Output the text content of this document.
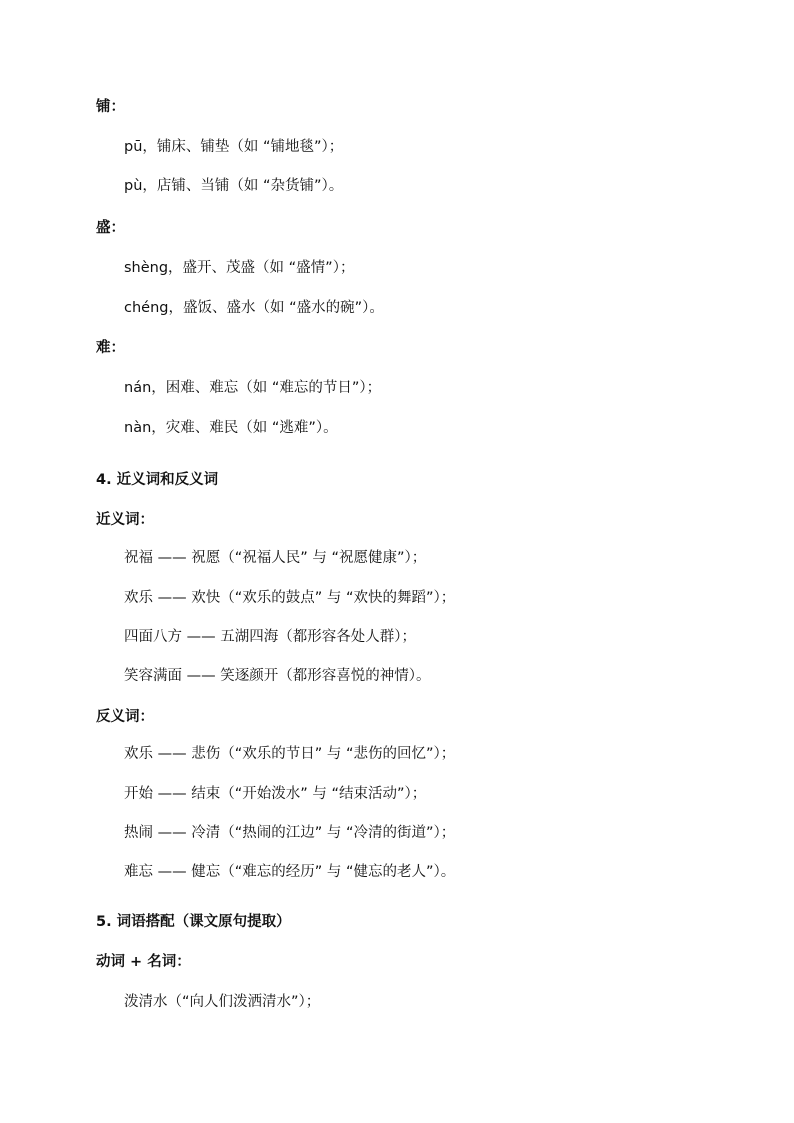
铺：
pū，铺床、铺垫（如 “铺地毯”）；
pù，店铺、当铺（如 “杂货铺”）。
盛：
shèng，盛开、茂盛（如 “盛情”）；
chéng，盛饭、盛水（如 “盛水的碗”）。
难：
nán，困难、难忘（如 “难忘的节日”）；
nàn，灾难、难民（如 “逃难”）。
4. 近义词和反义词
近义词：
祝福 —— 祝愿（“祝福人民” 与 “祝愿健康”）；
欢乐 —— 欢快（“欢乐的鼓点” 与 “欢快的舞蹈”）；
四面八方 —— 五湖四海（都形容各处人群）；
笑容满面 —— 笑逐颜开（都形容喜悦的神情）。
反义词：
欢乐 —— 悲伤（“欢乐的节日” 与 “悲伤的回忆”）；
开始 —— 结束（“开始泼水” 与 “结束活动”）；
热闹 —— 冷清（“热闹的江边” 与 “冷清的街道”）；
难忘 —— 健忘（“难忘的经历” 与 “健忘的老人”）。
5. 词语搭配（课文原句提取）
动词 + 名词：
泼清水（“向人们泼洒清水”）；
